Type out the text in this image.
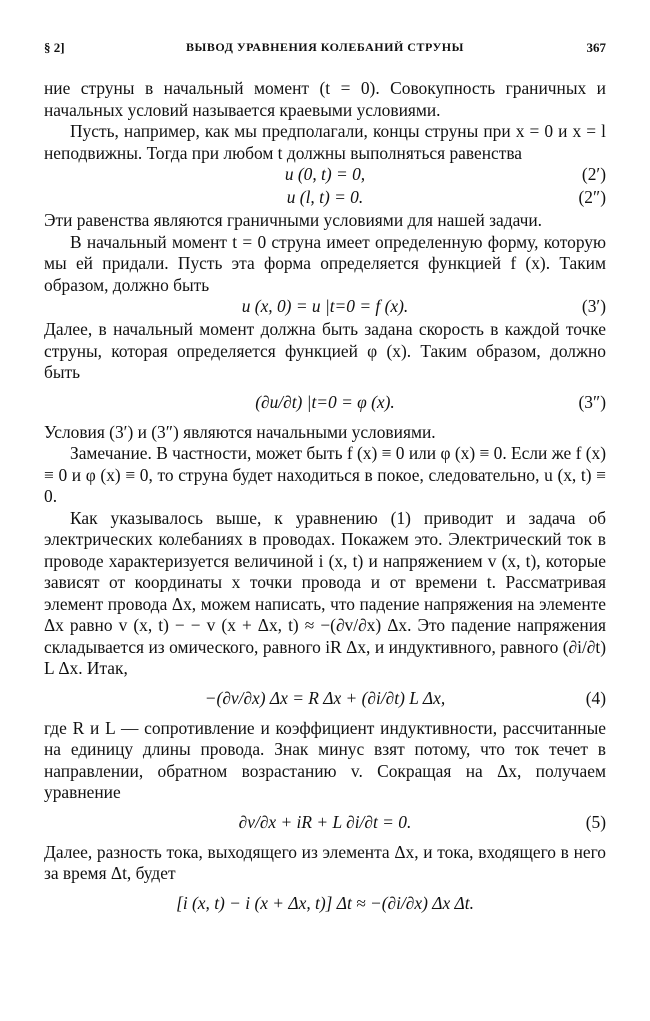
§ 2]	ВЫВОД УРАВНЕНИЯ КОЛЕБАНИЙ СТРУНЫ	367

ние струны в начальный момент (t = 0). Совокупность граничных и начальных условий называется краевыми условиями.

Пусть, например, как мы предполагали, концы струны при x = 0 и x = l неподвижны. Тогда при любом t должны выполняться равенства

u (0, t) = 0,	(2′)
u (l, t) = 0.	(2″)

Эти равенства являются граничными условиями для нашей задачи.

В начальный момент t = 0 струна имеет определенную форму, которую мы ей придали. Пусть эта форма определяется функцией f (x). Таким образом, должно быть

u (x, 0) = u |t=0 = f (x).	(3′)

Далее, в начальный момент должна быть задана скорость в каждой точке струны, которая определяется функцией φ (x). Таким образом, должно быть

(∂u/∂t) |t=0 = φ (x).	(3″)

Условия (3′) и (3″) являются начальными условиями.

Замечание. В частности, может быть f (x) ≡ 0 или φ (x) ≡ 0. Если же f (x) ≡ 0 и φ (x) ≡ 0, то струна будет находиться в покое, следовательно, u (x, t) ≡ 0.

Как указывалось выше, к уравнению (1) приводит и задача об электрических колебаниях в проводах. Покажем это. Электрический ток в проводе характеризуется величиной i (x, t) и напряжением v (x, t), которые зависят от координаты x точки провода и от времени t. Рассматривая элемент провода Δx, можем написать, что падение напряжения на элементе Δx равно v (x, t) − − v (x + Δx, t) ≈ −(∂v/∂x) Δx. Это падение напряжения складывается из омического, равного iR Δx, и индуктивного, равного (∂i/∂t) L Δx. Итак,

−(∂v/∂x) Δx = R Δx + (∂i/∂t) L Δx,	(4)

где R и L — сопротивление и коэффициент индуктивности, рассчитанные на единицу длины провода. Знак минус взят потому, что ток течет в направлении, обратном возрастанию v. Сокращая на Δx, получаем уравнение

∂v/∂x + iR + L ∂i/∂t = 0.	(5)

Далее, разность тока, выходящего из элемента Δx, и тока, входящего в него за время Δt, будет

[i (x, t) − i (x + Δx, t)] Δt ≈ −(∂i/∂x) Δx Δt.
